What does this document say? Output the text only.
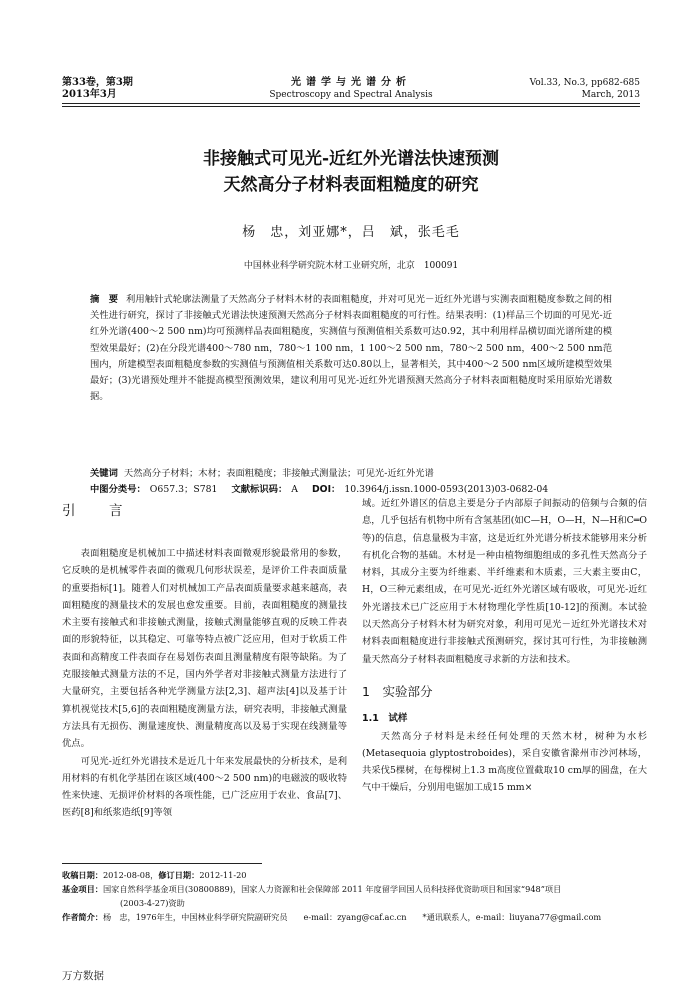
第33卷，第3期
2013年3月
光谱学与光谱分析
Spectroscopy and Spectral Analysis
Vol.33, No.3, pp682-685
March, 2013
非接触式可见光-近红外光谱法快速预测
天然高分子材料表面粗糙度的研究
杨　忠，刘亚娜*，吕　斌，张毛毛
中国林业科学研究院木材工业研究所，北京　100091
摘　要 利用触针式轮廓法测量了天然高分子材料木材的表面粗糙度，并对可见光－近红外光谱与实测表面粗糙度参数之间的相关性进行研究，探讨了非接触式光谱法快速预测天然高分子材料表面粗糙度的可行性。结果表明：(1)样品三个切面的可见光-近红外光谱(400～2 500 nm)均可预测样品表面粗糙度，实测值与预测值相关系数可达0.92，其中利用样品横切面光谱所建的模型效果最好；(2)在分段光谱400～780 nm，780～1 100 nm，1 100～2 500 nm，780～2 500 nm，400～2 500 nm范围内，所建模型表面粗糙度参数的实测值与预测值相关系数可达0.80以上，显著相关，其中400～2 500 nm区域所建模型效果最好；(3)光谱预处理并不能提高模型预测效果，建议利用可见光-近红外光谱预测天然高分子材料表面粗糙度时采用原始光谱数据。
关键词 天然高分子材料；木材；表面粗糙度；非接触式测量法；可见光-近红外光谱
中图分类号： O657.3；S781 文献标识码： A DOI： 10.3964/j.issn.1000-0593(2013)03-0682-04
引　言

表面粗糙度是机械加工中描述材料表面微观形貌最常用的参数，它反映的是机械零件表面的微观几何形状误差，是评价工件表面质量的重要指标[1]。随着人们对机械加工产品表面质量要求越来越高，表面粗糙度的测量技术的发展也愈发重要。目前，表面粗糙度的测量技术主要有接触式和非接触式测量，接触式测量能够直观的反映工件表面的形貌特征，以其稳定、可靠等特点被广泛应用，但对于软质工件表面和高精度工件表面存在易划伤表面且测量精度有限等缺陷。为了克服接触式测量方法的不足，国内外学者对非接触式测量方法进行了大量研究，主要包括各种光学测量方法[2,3]、超声法[4]以及基于计算机视觉技术[5,6]的表面粗糙度测量方法，研究表明，非接触式测量方法具有无损伤、测量速度快、测量精度高以及易于实现在线测量等优点。

可见光-近红外光谱技术是近几十年来发展最快的分析技术，是利用材料的有机化学基团在该区域(400～2 500 nm)的电磁波的吸收特性来快速、无损评价材料的各项性能，已广泛应用于农业、食品[7]、医药[8]和纸浆造纸[9]等领

域。近红外谱区的信息主要是分子内部原子间振动的倍频与合频的信息，几乎包括有机物中所有含氢基团(如C—H，O—H，N—H和C═O等)的信息，信息量极为丰富，这是近红外光谱分析技术能够用来分析有机化合物的基础。木材是一种由植物细胞组成的多孔性天然高分子材料，其成分主要为纤维素、半纤维素和木质素，三大素主要由C，H，O三种元素组成，在可见光-近红外光谱区域有吸收，可见光-近红外光谱技术已广泛应用于木材物理化学性质[10-12]的预测。本试验以天然高分子材料木材为研究对象，利用可见光－近红外光谱技术对材料表面粗糙度进行非接触式预测研究，探讨其可行性，为非接触测量天然高分子材料表面粗糙度寻求新的方法和技术。

1　实验部分
1.1　试样

天然高分子材料是未经任何处理的天然木材，树种为水杉(Metasequoia glyptostroboides)，采自安徽省滁州市沙河林场，共采伐5棵树，在每棵树上1.3 m高度位置截取10 cm厚的圆盘，在大气中干燥后，分别用电锯加工成15 mm×

收稿日期：2012-08-08，修订日期：2012-11-20
基金项目：国家自然科学基金项目(30800889)，国家人力资源和社会保障部 2011 年度留学回国人员科技择优资助项目和国家“948”项目
(2003-4-27)资助
作者简介：杨　忠，1976年生，中国林业科学研究院副研究员 e-mail：zyang@caf.ac.cn *通讯联系人，e-mail：liuyana77@gmail.com
万方数据
